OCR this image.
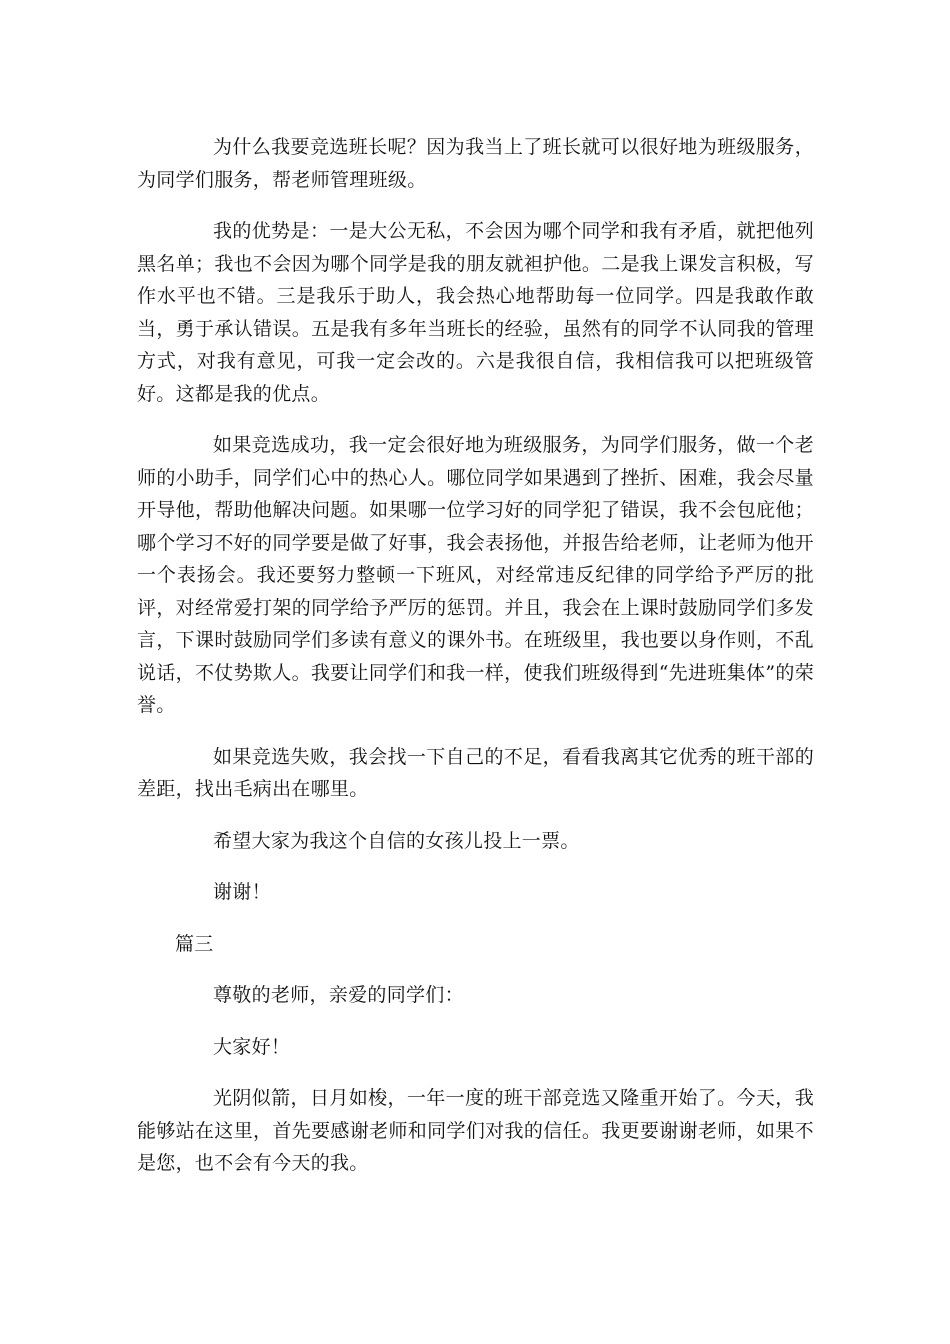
为什么我要竞选班长呢？因为我当上了班长就可以很好地为班级服务，为同学们服务，帮老师管理班级。

我的优势是：一是大公无私，不会因为哪个同学和我有矛盾，就把他列黑名单；我也不会因为哪个同学是我的朋友就袒护他。二是我上课发言积极，写作水平也不错。三是我乐于助人，我会热心地帮助每一位同学。四是我敢作敢当，勇于承认错误。五是我有多年当班长的经验，虽然有的同学不认同我的管理方式，对我有意见，可我一定会改的。六是我很自信，我相信我可以把班级管好。这都是我的优点。

如果竞选成功，我一定会很好地为班级服务，为同学们服务，做一个老师的小助手，同学们心中的热心人。哪位同学如果遇到了挫折、困难，我会尽量开导他，帮助他解决问题。如果哪一位学习好的同学犯了错误，我不会包庇他；哪个学习不好的同学要是做了好事，我会表扬他，并报告给老师，让老师为他开一个表扬会。我还要努力整顿一下班风，对经常违反纪律的同学给予严厉的批评，对经常爱打架的同学给予严厉的惩罚。并且，我会在上课时鼓励同学们多发言，下课时鼓励同学们多读有意义的课外书。在班级里，我也要以身作则，不乱说话，不仗势欺人。我要让同学们和我一样，使我们班级得到“先进班集体”的荣誉。

如果竞选失败，我会找一下自己的不足，看看我离其它优秀的班干部的差距，找出毛病出在哪里。

希望大家为我这个自信的女孩儿投上一票。

谢谢！

篇三

尊敬的老师，亲爱的同学们：

大家好！

光阴似箭，日月如梭，一年一度的班干部竞选又隆重开始了。今天，我能够站在这里，首先要感谢老师和同学们对我的信任。我更要谢谢老师，如果不是您，也不会有今天的我。
